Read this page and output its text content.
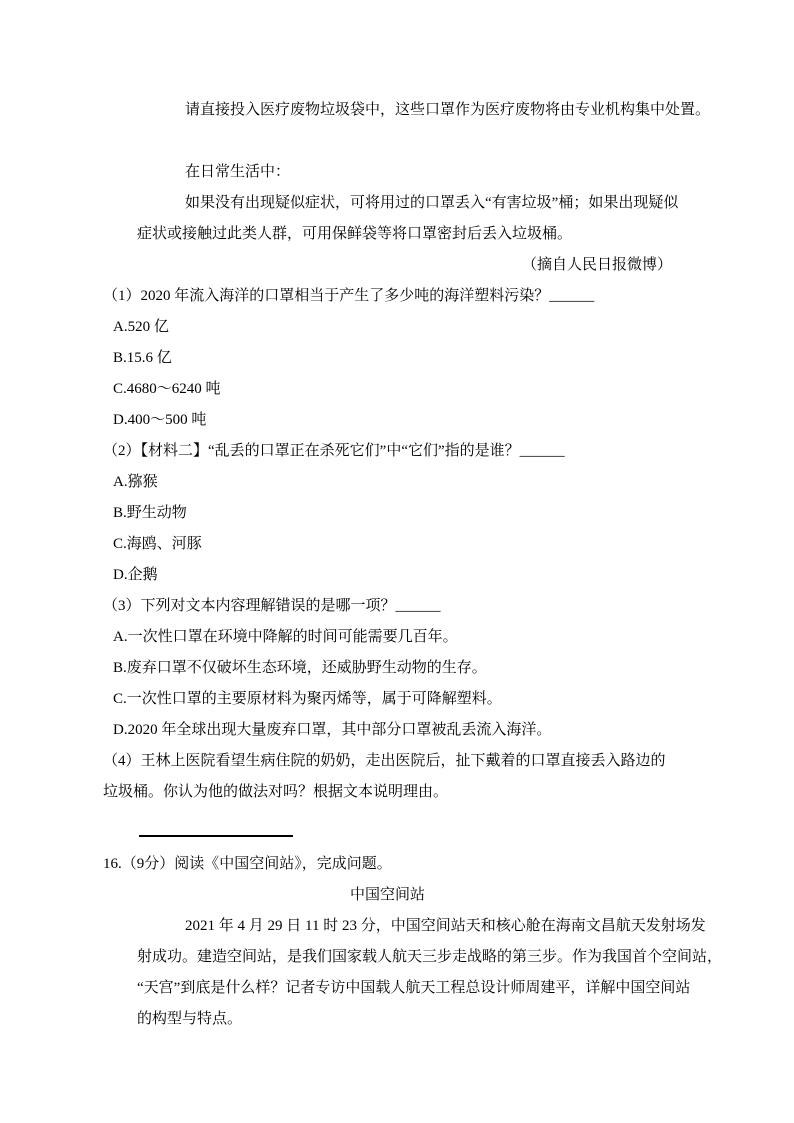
请直接投入医疗废物垃圾袋中，这些口罩作为医疗废物将由专业机构集中处置。
在日常生活中：
如果没有出现疑似症状，可将用过的口罩丢入“有害垃圾”桶；如果出现疑似
症状或接触过此类人群，可用保鲜袋等将口罩密封后丢入垃圾桶。
（摘自人民日报微博）
（1）2020 年流入海洋的口罩相当于产生了多少吨的海洋塑料污染？______
A.520 亿
B.15.6 亿
C.4680～6240 吨
D.400～500 吨
（2）【材料二】“乱丢的口罩正在杀死它们”中“它们”指的是谁？______
A.猕猴
B.野生动物
C.海鸥、河豚
D.企鹅
（3）下列对文本内容理解错误的是哪一项？______
A.一次性口罩在环境中降解的时间可能需要几百年。
B.废弃口罩不仅破坏生态环境，还威胁野生动物的生存。
C.一次性口罩的主要原材料为聚丙烯等，属于可降解塑料。
D.2020 年全球出现大量废弃口罩，其中部分口罩被乱丢流入海洋。
（4）王林上医院看望生病住院的奶奶，走出医院后，扯下戴着的口罩直接丢入路边的
垃圾桶。你认为他的做法对吗？根据文本说明理由。
16.（9分）阅读《中国空间站》，完成问题。
中国空间站
2021 年 4 月 29 日 11 时 23 分，中国空间站天和核心舱在海南文昌航天发射场发
射成功。建造空间站，是我们国家载人航天三步走战略的第三步。作为我国首个空间站，
“天宫”到底是什么样？记者专访中国载人航天工程总设计师周建平，详解中国空间站
的构型与特点。
